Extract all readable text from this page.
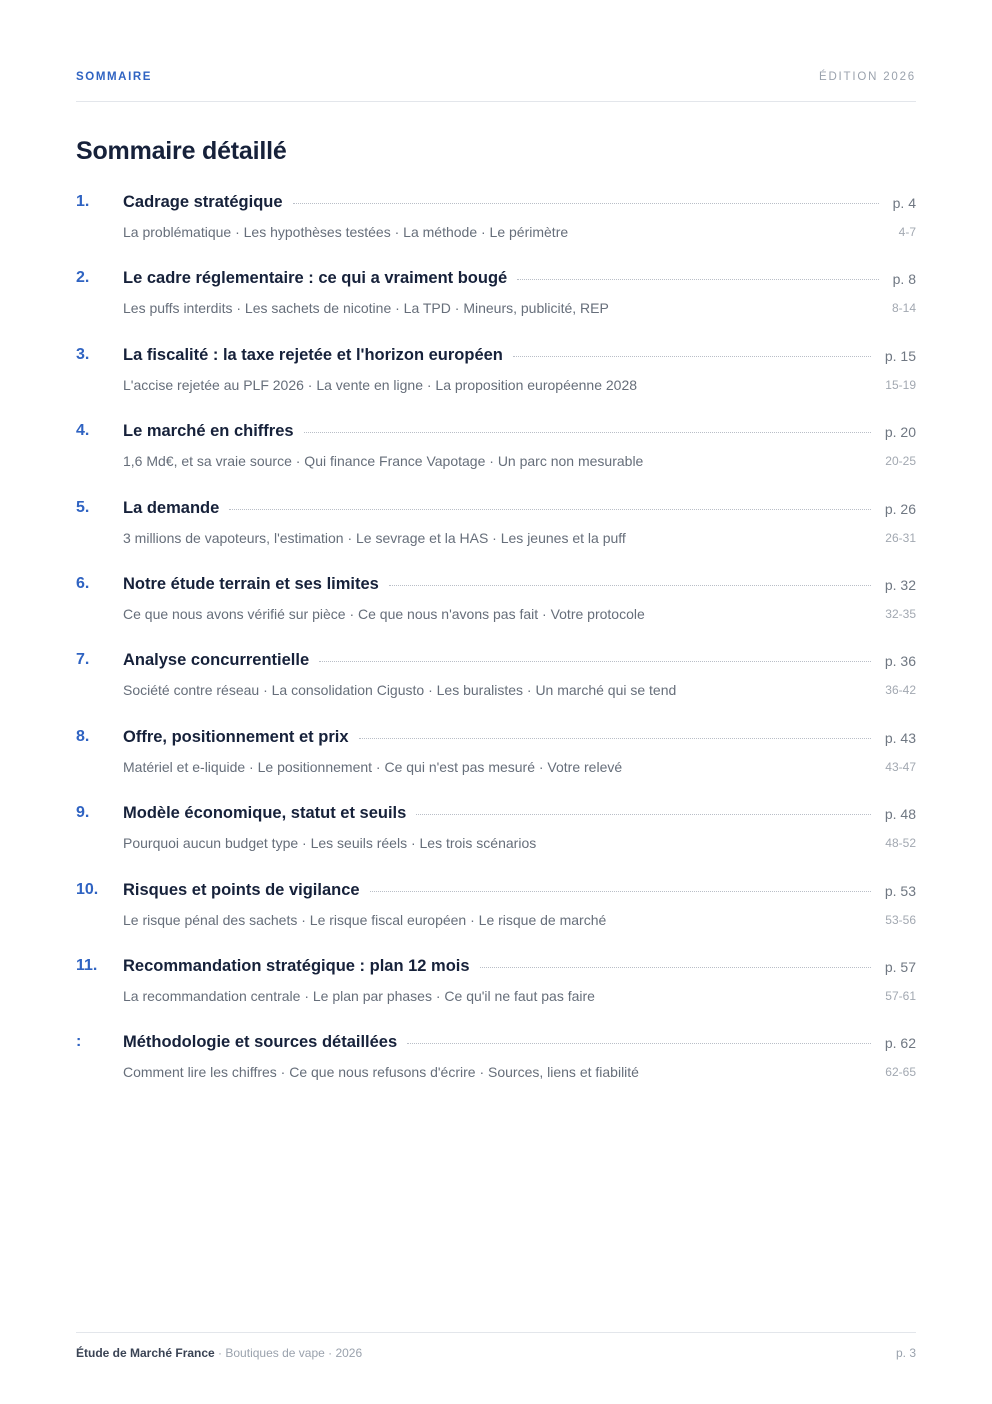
SOMMAIRE	ÉDITION 2026
Sommaire détaillé
1. Cadrage stratégique	p. 4
La problématique · Les hypothèses testées · La méthode · Le périmètre	4-7
2. Le cadre réglementaire : ce qui a vraiment bougé	p. 8
Les puffs interdits · Les sachets de nicotine · La TPD · Mineurs, publicité, REP	8-14
3. La fiscalité : la taxe rejetée et l'horizon européen	p. 15
L'accise rejetée au PLF 2026 · La vente en ligne · La proposition européenne 2028	15-19
4. Le marché en chiffres	p. 20
1,6 Md€, et sa vraie source · Qui finance France Vapotage · Un parc non mesurable	20-25
5. La demande	p. 26
3 millions de vapoteurs, l'estimation · Le sevrage et la HAS · Les jeunes et la puff	26-31
6. Notre étude terrain et ses limites	p. 32
Ce que nous avons vérifié sur pièce · Ce que nous n'avons pas fait · Votre protocole	32-35
7. Analyse concurrentielle	p. 36
Société contre réseau · La consolidation Cigusto · Les buralistes · Un marché qui se tend	36-42
8. Offre, positionnement et prix	p. 43
Matériel et e-liquide · Le positionnement · Ce qui n'est pas mesuré · Votre relevé	43-47
9. Modèle économique, statut et seuils	p. 48
Pourquoi aucun budget type · Les seuils réels · Les trois scénarios	48-52
10. Risques et points de vigilance	p. 53
Le risque pénal des sachets · Le risque fiscal européen · Le risque de marché	53-56
11. Recommandation stratégique : plan 12 mois	p. 57
La recommandation centrale · Le plan par phases · Ce qu'il ne faut pas faire	57-61
:	Méthodologie et sources détaillées	p. 62
Comment lire les chiffres · Ce que nous refusons d'écrire · Sources, liens et fiabilité	62-65
Étude de Marché France · Boutiques de vape · 2026	p. 3
